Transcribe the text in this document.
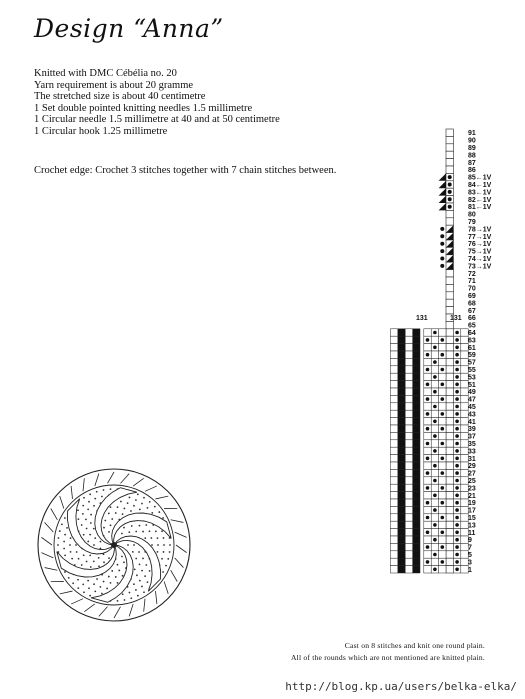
Design “Anna”
Knitted with DMC Cébélia no. 20
Yarn requirement is about 20 gramme
The stretched size is about 40 centimetre
1 Set double pointed knitting needles 1.5 millimetre
1 Circular needle 1.5 millimetre at 40 and at 50 centimetre
1 Circular hook 1.25 millimetre
Crochet edge: Crochet 3 stitches together with 7 chain stitches between.
91
90
89
88
87
86
85←1V
84←1V
83←1V
82←1V
81←1V
80
79
78→1V
77→1V
76→1V
75→1V
74→1V
73→1V
72
71
70
69
68
67
66
65
64
63
61
59
57
55
53
51
49
47
45
43
41
39
37
35
33
31
29
27
25
23
21
19
17
15
13
11
9
7
5
3
1
131	131
Cast on 8 stitches and knit one round plain.
All of the rounds which are not mentioned are knitted plain.
http://blog.kp.ua/users/belka-elka/
